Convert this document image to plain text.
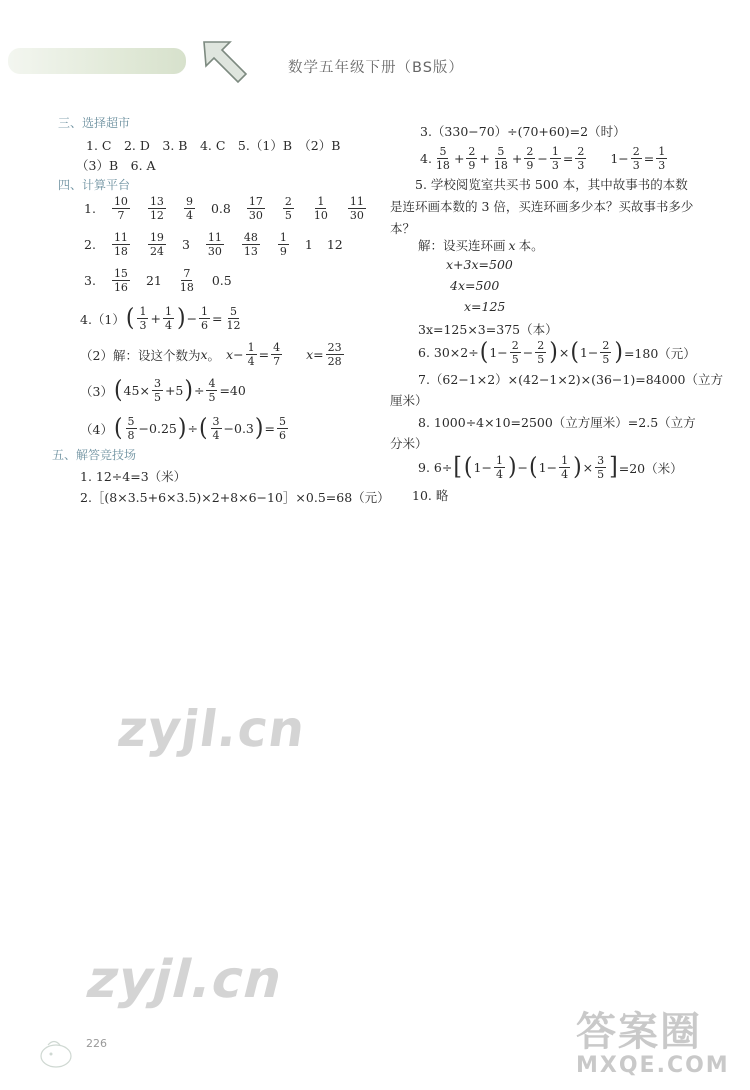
数学五年级下册（BS版）
三、选择超市
1. C　2. D　3. B　4. C　5.（1）B　（2）B
（3）B　6. A
四、计算平台
1. $\frac{10}{7} \frac{13}{12} \frac{9}{4} 0.8 \frac{17}{30} \frac{2}{5} \frac{1}{10} \frac{11}{30}$
2. $\frac{11}{18} \frac{19}{24} 3 \frac{11}{30} \frac{48}{13} \frac{1}{9} 1$ 12
3. $\frac{15}{16} 21 \frac{7}{18} 0.5$
4.（1） ( $\frac{1}{3} + \frac{1}{4}$ ) − $\frac{1}{6} = \frac{5}{12}$
（2）解：设这个数为 x 。 $x - \frac{1}{4} = \frac{4}{7}$ $x = \frac{23}{28}$
（3） ( $45\times \frac{3}{5} +5$ ) ÷ $\frac{4}{5} =40$
（4） ( $\frac{5}{8} -0.25$ ) ÷ ( $\frac{3}{4} -0.3$ ) = $\frac{5}{6}$
五、解答竞技场
1. 12÷4=3（米）
2.［(8×3.5+6×3.5)×2+8×6−10］×0.5=68（元）
3.（330−70）÷(70+60)=2（时）
4. $\frac{5}{18} + \frac{2}{9} + \frac{5}{18} + \frac{2}{9} - \frac{1}{3} = \frac{2}{3} 1- \frac{2}{3} = \frac{1}{3}$

5. 学校阅览室共买书 500 本，其中故事书的本数是连环画本数的 3 倍，买连环画多少本？买故事书多少本？

解：设买连环画 x 本。
x+3x=500
4x=500
x=125
3x=125×3=375（本）
6. 30×2÷ ( $1- \frac{2}{5} - \frac{2}{5}$ ) × ( $1- \frac{2}{5}$ ) =180（元）
7.（62−1×2）×(42−1×2)×(36−1)=84000（立方
厘米）
8. 1000÷4×10=2500（立方厘米）=2.5（立方
分米）
9. 6÷ [ ( $1- \frac{1}{4}$ ) − ( $1- \frac{1}{4}$ ) × $\frac{3}{5}$ ] =20（米）
10. 略
zyjl.cn
zyjl.cn
答案圈
MXQE.COM
226
